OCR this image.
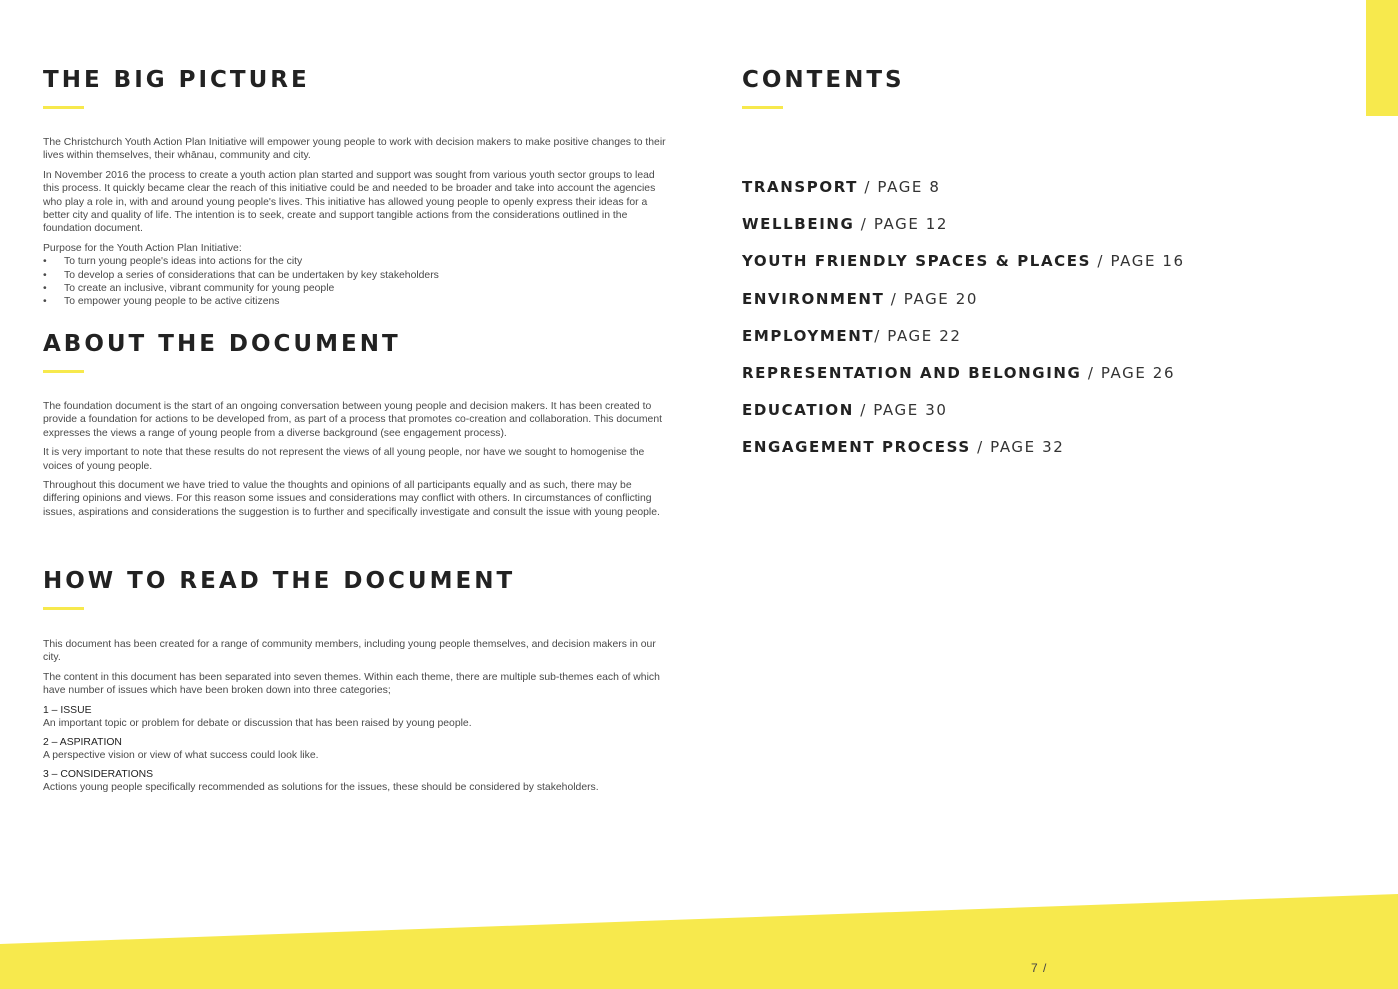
7 /
THE BIG PICTURE

The Christchurch Youth Action Plan Initiative will empower young people to work with decision makers to make positive changes to their lives within themselves, their whānau, community and city.

In November 2016 the process to create a youth action plan started and support was sought from various youth sector groups to lead this process. It quickly became clear the reach of this initiative could be and needed to be broader and take into account the agencies who play a role in, with and around young people's lives. This initiative has allowed young people to openly express their ideas for a better city and quality of life. The intention is to seek, create and support tangible actions from the considerations outlined in the foundation document.

Purpose for the Youth Action Plan Initiative:

• To turn young people's ideas into actions for the city
• To develop a series of considerations that can be undertaken by key stakeholders
• To create an inclusive, vibrant community for young people
• To empower young people to be active citizens
ABOUT THE DOCUMENT

The foundation document is the start of an ongoing conversation between young people and decision makers. It has been created to provide a foundation for actions to be developed from, as part of a process that promotes co-creation and collaboration. This document expresses the views a range of young people from a diverse background (see engagement process).

It is very important to note that these results do not represent the views of all young people, nor have we sought to homogenise the voices of young people.

Throughout this document we have tried to value the thoughts and opinions of all participants equally and as such, there may be differing opinions and views. For this reason some issues and considerations may conflict with others. In circumstances of conflicting issues, aspirations and considerations the suggestion is to further and specifically investigate and consult the issue with young people.

HOW TO READ THE DOCUMENT

This document has been created for a range of community members, including young people themselves, and decision makers in our city.

The content in this document has been separated into seven themes. Within each theme, there are multiple sub-themes each of which have number of issues which have been broken down into three categories;

1 – ISSUE

An important topic or problem for debate or discussion that has been raised by young people.

2 – ASPIRATION

A perspective vision or view of what success could look like.

3 – CONSIDERATIONS

Actions young people specifically recommended as solutions for the issues, these should be considered by stakeholders.

CONTENTS
TRANSPORT / PAGE 8
WELLBEING / PAGE 12
YOUTH FRIENDLY SPACES & PLACES / PAGE 16
ENVIRONMENT / PAGE 20
EMPLOYMENT/ PAGE 22
REPRESENTATION AND BELONGING / PAGE 26
EDUCATION / PAGE 30
ENGAGEMENT PROCESS / PAGE 32
